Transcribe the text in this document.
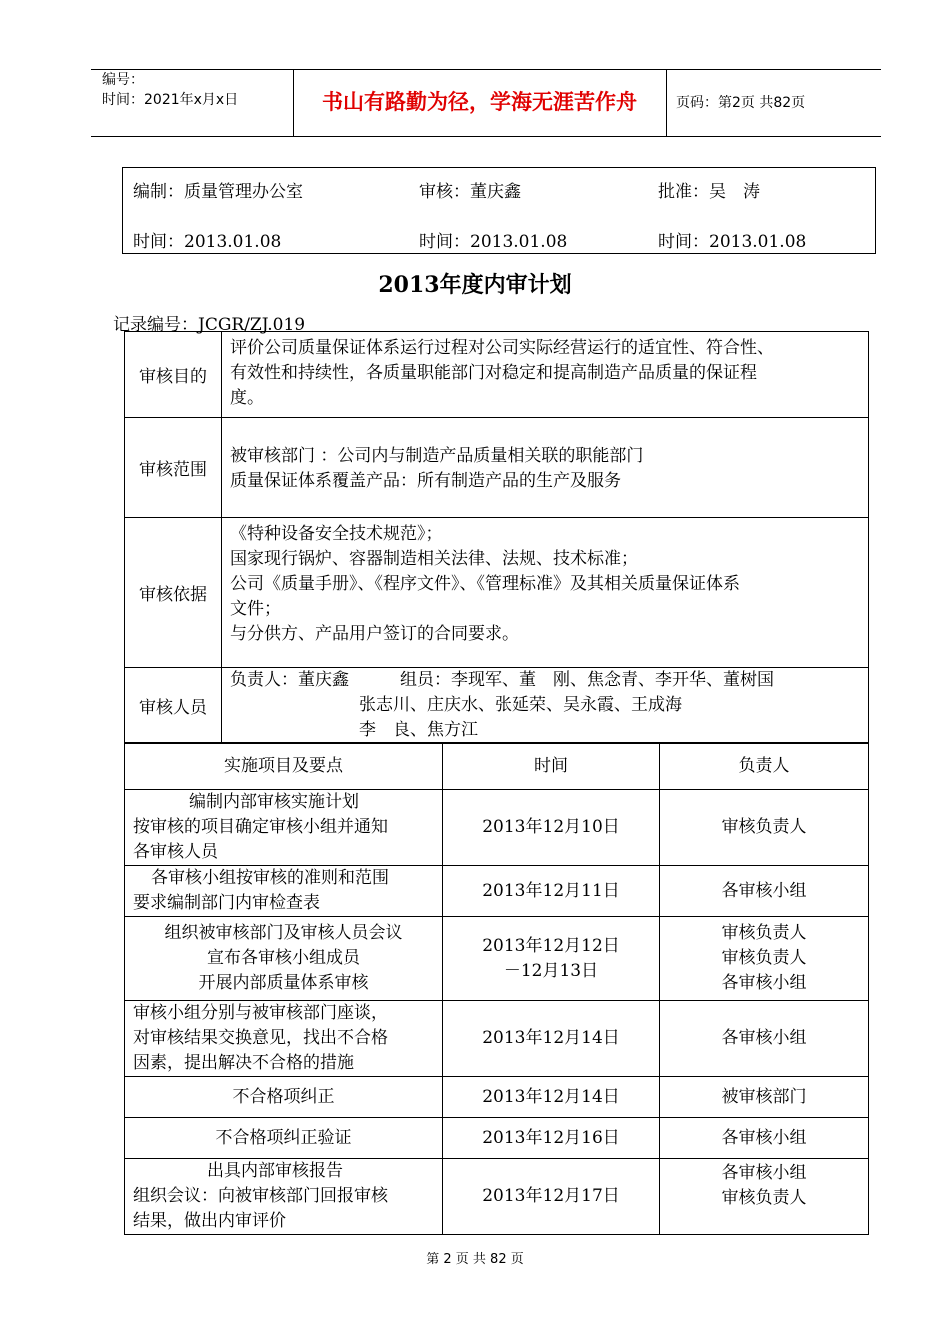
编号：
时间：2021年x月x日	书山有路勤为径，学海无涯苦作舟	页码：第2页 共82页
编制：质量管理办公室	审核：董庆鑫	批准：吴　涛
时间：2013.01.08	时间：2013.01.08	时间：2013.01.08
2013年度内审计划
记录编号：JCGR/ZJ.019
审核目的	评价公司质量保证体系运行过程对公司实际经营运行的适宜性、符合性、
有效性和持续性，各质量职能部门对稳定和提高制造产品质量的保证程
度。

审核范围	被审核部门 ：公司内与制造产品质量相关联的职能部门
质量保证体系覆盖产品：所有制造产品的生产及服务

审核依据	《特种设备安全技术规范》；
国家现行锅炉、容器制造相关法律、法规、技术标准；
公司《质量手册》、《程序文件》、《管理标准》及其相关质量保证体系
文件；
与分供方、产品用户签订的合同要求。

审核人员	负责人：董庆鑫　　　组员：李现军、董　刚、焦念青、李开华、董树国
张志川、庄庆水、张延荣、吴永霞、王成海
李　良、焦方江
实施项目及要点	时间	负责人

编制内部审核实施计划
按审核的项目确定审核小组并通知
各审核人员	2013年12月10日	审核负责人

各审核小组按审核的准则和范围
要求编制部门内审检查表	2013年12月11日	各审核小组

组织被审核部门及审核人员会议
宣布各审核小组成员
开展内部质量体系审核	2013年12月12日
－12月13日	审核负责人
审核负责人
各审核小组

审核小组分别与被审核部门座谈，
对审核结果交换意见，找出不合格
因素，提出解决不合格的措施	2013年12月14日	各审核小组

不合格项纠正	2013年12月14日	被审核部门

不合格项纠正验证	2013年12月16日	各审核小组

出具内部审核报告
组织会议：向被审核部门回报审核
结果，做出内审评价	2013年12月17日	各审核小组
审核负责人
第 2 页 共 82 页
